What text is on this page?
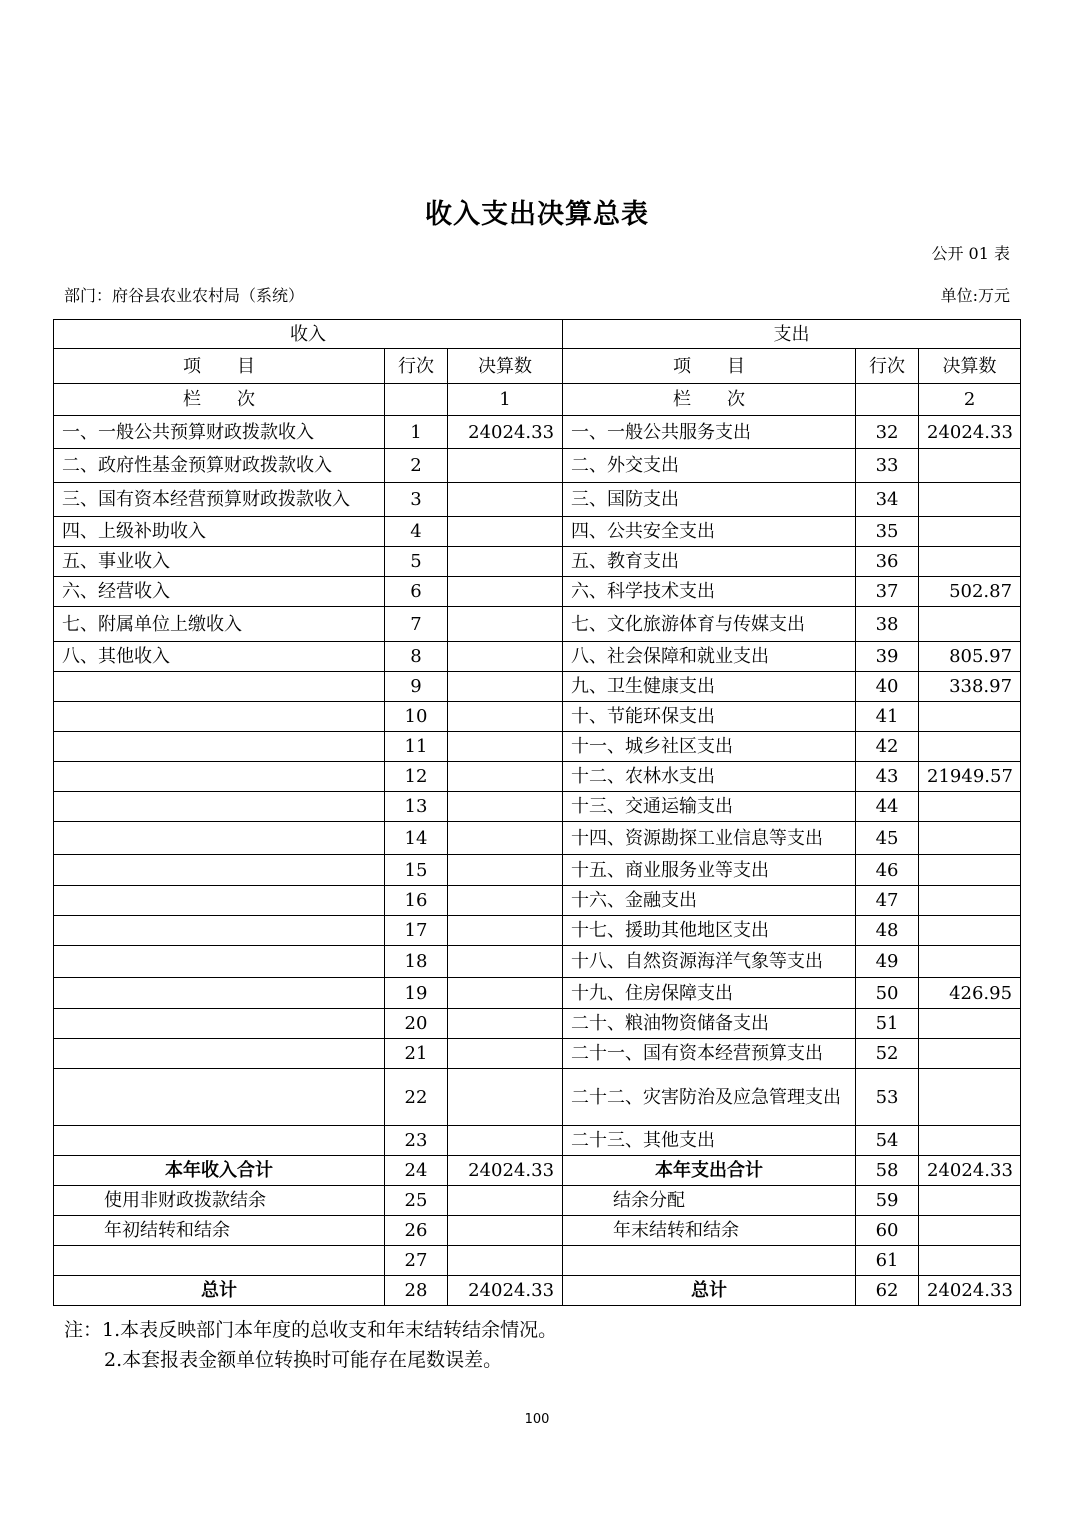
收入支出决算总表
公开 01 表
部门：府谷县农业农村局（系统）	单位:万元
收入			支出		
项　　目	行次	决算数	项　　目	行次	决算数
栏　　次		1	栏　　次		2
一、一般公共预算财政拨款收入	1	24024.33	一、一般公共服务支出	32	24024.33
二、政府性基金预算财政拨款收入	2		二、外交支出	33	
三、国有资本经营预算财政拨款收入	3		三、国防支出	34	
四、上级补助收入	4		四、公共安全支出	35	
五、事业收入	5		五、教育支出	36	
六、经营收入	6		六、科学技术支出	37	502.87
七、附属单位上缴收入	7		七、文化旅游体育与传媒支出	38	
八、其他收入	8		八、社会保障和就业支出	39	805.97
	9		九、卫生健康支出	40	338.97
	10		十、节能环保支出	41	
	11		十一、城乡社区支出	42	
	12		十二、农林水支出	43	21949.57
	13		十三、交通运输支出	44	
	14		十四、资源勘探工业信息等支出	45	
	15		十五、商业服务业等支出	46	
	16		十六、金融支出	47	
	17		十七、援助其他地区支出	48	
	18		十八、自然资源海洋气象等支出	49	
	19		十九、住房保障支出	50	426.95
	20		二十、粮油物资储备支出	51	
	21		二十一、国有资本经营预算支出	52	
	22		二十二、灾害防治及应急管理支出	53	
	23		二十三、其他支出	54	
本年收入合计	24	24024.33	本年支出合计	58	24024.33
使用非财政拨款结余	25		结余分配	59	
年初结转和结余	26		年末结转和结余	60	
	27			61	
总计	28	24024.33	总计	62	24024.33
注：1.本表反映部门本年度的总收支和年末结转结余情况。
2.本套报表金额单位转换时可能存在尾数误差。
100
